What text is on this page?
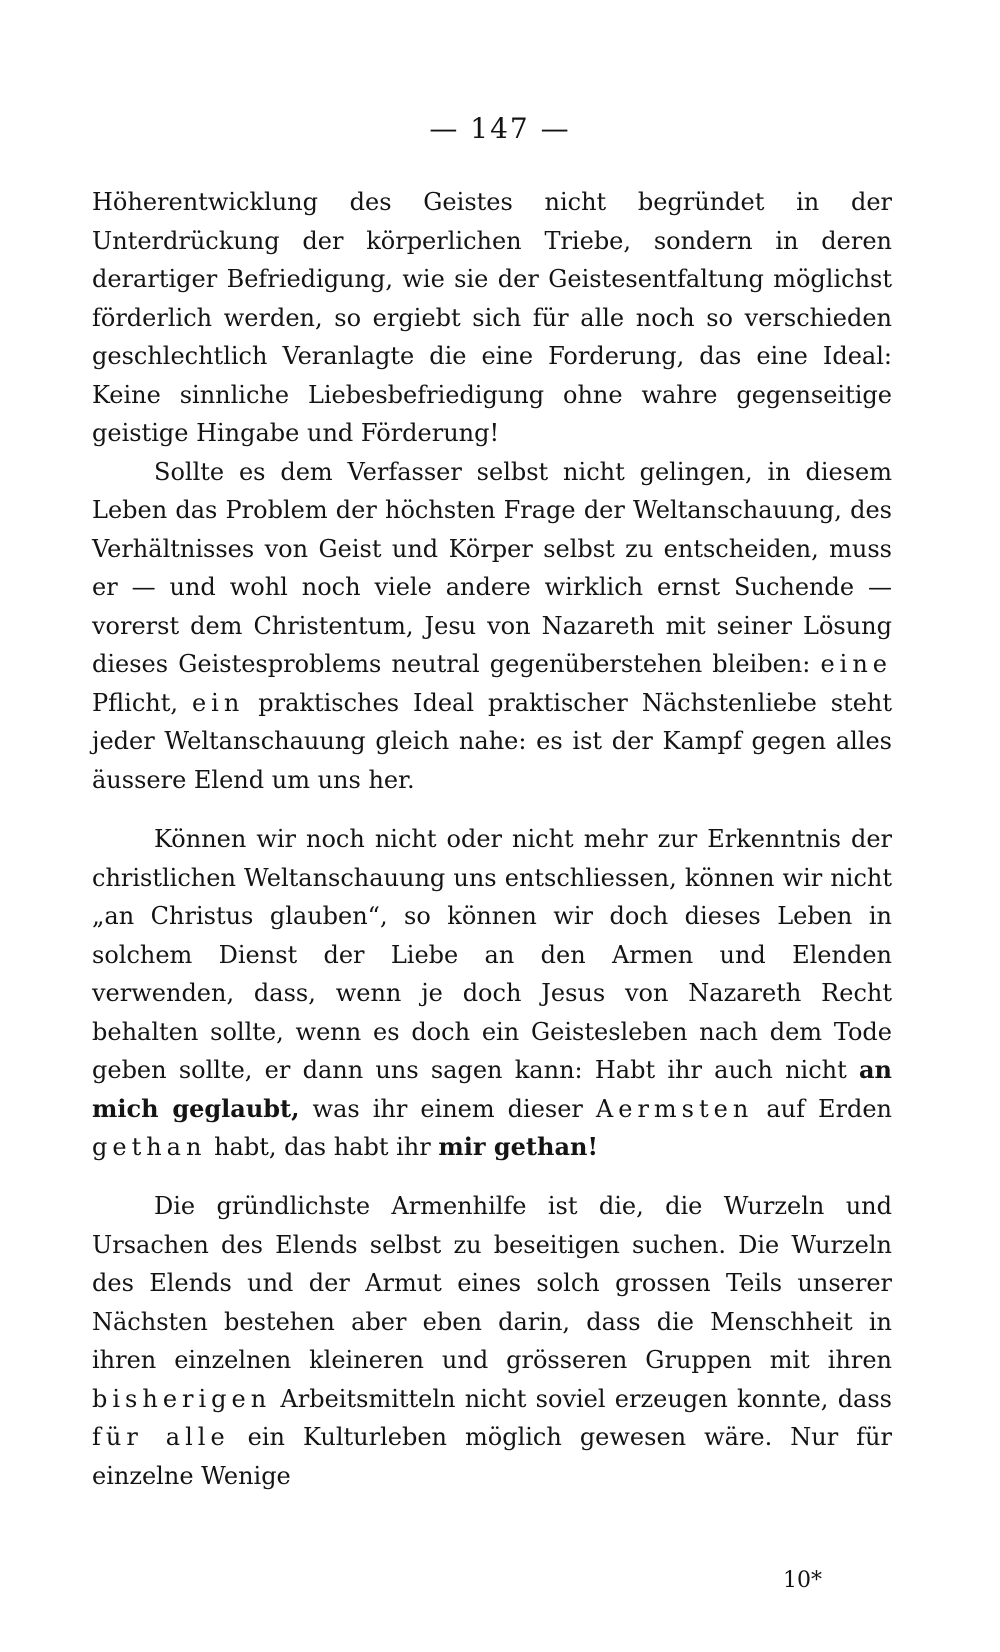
— 147 —

Höherentwicklung des Geistes nicht begründet in der Unterdrückung der körperlichen Triebe, sondern in deren derartiger Befriedigung, wie sie der Geistesentfaltung möglichst förderlich werden, so ergiebt sich für alle noch so verschieden geschlechtlich Veranlagte die eine Forderung, das eine Ideal: Keine sinnliche Liebesbefriedigung ohne wahre gegenseitige geistige Hingabe und Förderung!

Sollte es dem Verfasser selbst nicht gelingen, in diesem Leben das Problem der höchsten Frage der Weltanschauung, des Verhältnisses von Geist und Körper selbst zu entscheiden, muss er — und wohl noch viele andere wirklich ernst Suchende — vorerst dem Christentum, Jesu von Nazareth mit seiner Lösung dieses Geistesproblems neutral gegenüberstehen bleiben: eine Pflicht, ein praktisches Ideal praktischer Nächstenliebe steht jeder Weltanschauung gleich nahe: es ist der Kampf gegen alles äussere Elend um uns her.

Können wir noch nicht oder nicht mehr zur Erkenntnis der christlichen Weltanschauung uns entschliessen, können wir nicht „an Christus glauben“, so können wir doch dieses Leben in solchem Dienst der Liebe an den Armen und Elenden verwenden, dass, wenn je doch Jesus von Nazareth Recht behalten sollte, wenn es doch ein Geistesleben nach dem Tode geben sollte, er dann uns sagen kann: Habt ihr auch nicht an mich geglaubt, was ihr einem dieser Aermsten auf Erden gethan habt, das habt ihr mir gethan!

Die gründlichste Armenhilfe ist die, die Wurzeln und Ursachen des Elends selbst zu beseitigen suchen. Die Wurzeln des Elends und der Armut eines solch grossen Teils unserer Nächsten bestehen aber eben darin, dass die Menschheit in ihren einzelnen kleineren und grösseren Gruppen mit ihren bisherigen Arbeitsmitteln nicht soviel erzeugen konnte, dass für alle ein Kulturleben möglich gewesen wäre. Nur für einzelne Wenige

10*
